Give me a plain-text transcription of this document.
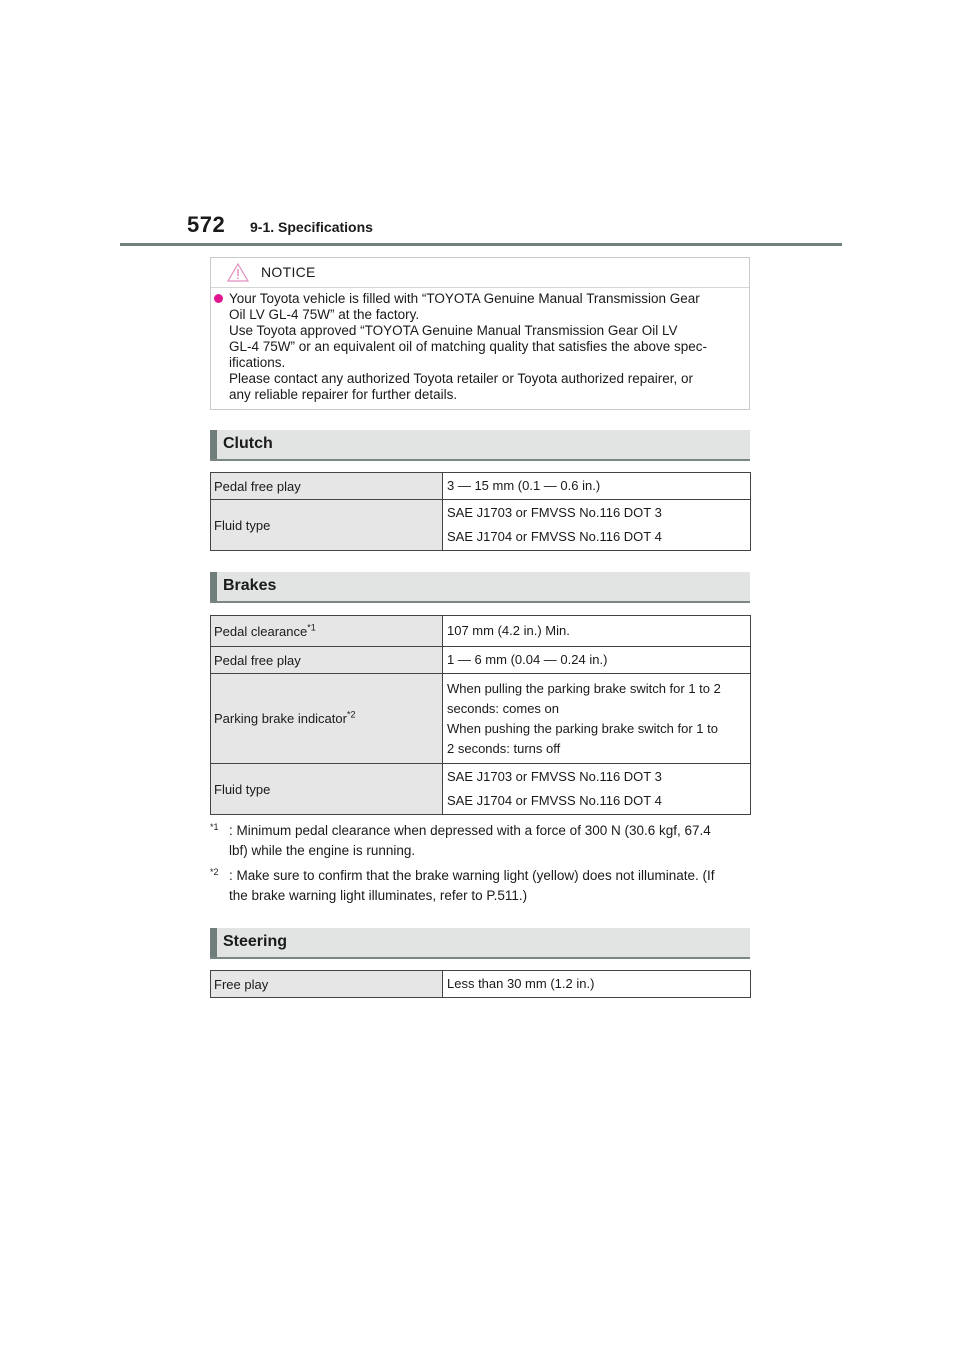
572 9-1. Specifications
NOTICE
Your Toyota vehicle is filled with “TOYOTA Genuine Manual Transmission Gear
Oil LV GL-4 75W” at the factory.
Use Toyota approved “TOYOTA Genuine Manual Transmission Gear Oil LV
GL-4 75W” or an equivalent oil of matching quality that satisfies the above spec-
ifications.
Please contact any authorized Toyota retailer or Toyota authorized repairer, or
any reliable repairer for further details.
Clutch
Pedal free play	3 — 15 mm (0.1 — 0.6 in.)

Fluid type	SAE J1703 or FMVSS No.116 DOT 3
SAE J1704 or FMVSS No.116 DOT 4
Brakes
Pedal clearance$^{*1}$	107 mm (4.2 in.) Min.

Pedal free play	1 — 6 mm (0.04 — 0.24 in.)

Parking brake indicator$^{*2}$	When pulling the parking brake switch for 1 to 2
seconds: comes on
When pushing the parking brake switch for 1 to
2 seconds: turns off

Fluid type	SAE J1703 or FMVSS No.116 DOT 3
SAE J1704 or FMVSS No.116 DOT 4
*1 : Minimum pedal clearance when depressed with a force of 300 N (30.6 kgf, 67.4
lbf) while the engine is running.
*2 : Make sure to confirm that the brake warning light (yellow) does not illuminate. (If
the brake warning light illuminates, refer to P.511.)
Steering
Free play	Less than 30 mm (1.2 in.)
